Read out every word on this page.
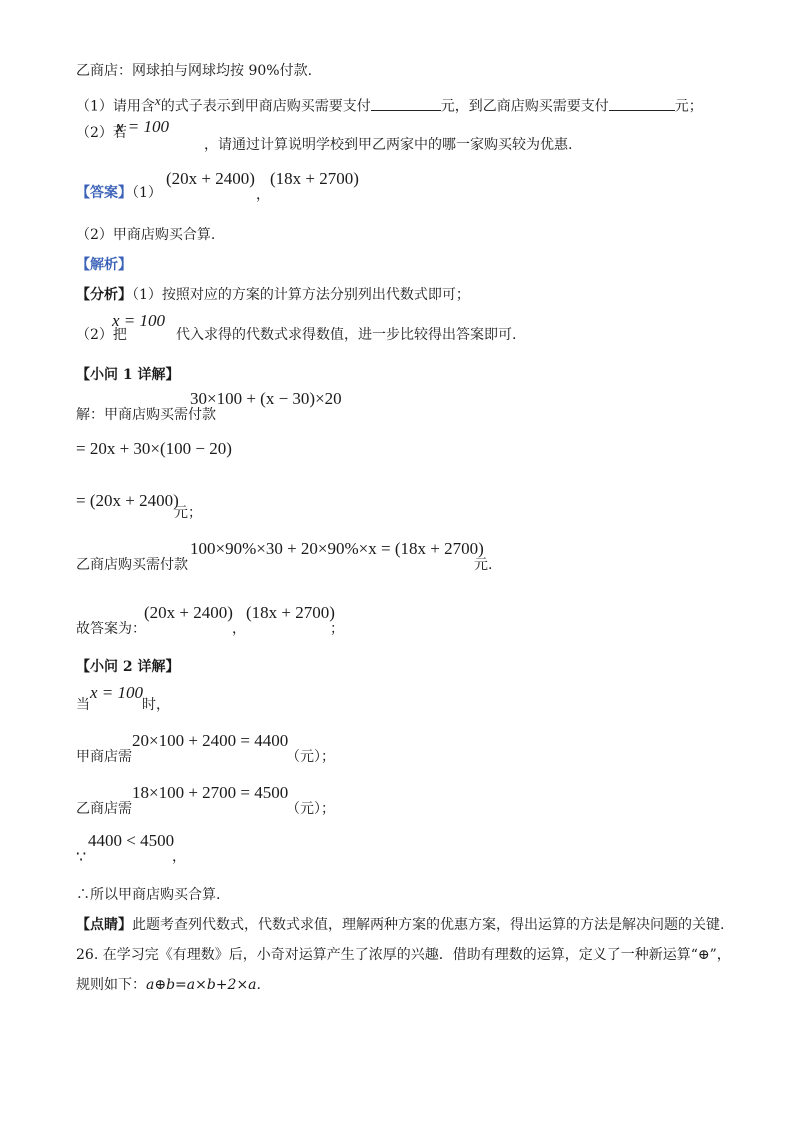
乙商店：网球拍与网球均按 90%付款.
（1）请用含$^x$的式子表示到甲商店购买需要支付	元，到乙商店购买需要支付	元；
（2）若
x = 100
，请通过计算说明学校到甲乙两家中的哪一家购买较为优惠.
【答案】（1）
(20x + 2400)
，
(18x + 2700)
（2）甲商店购买合算.
【解析】
【分析】（1）按照对应的方案的计算方法分别列出代数式即可；
（2）把
x = 100
代入求得的代数式求得数值，进一步比较得出答案即可.
【小问 1 详解】
解：甲商店购买需付款
30×100 + (x − 30)×20
= 20x + 30×(100 − 20)
= (20x + 2400)
元；
乙商店购买需付款
100×90%×30 + 20×90%×x = (18x + 2700)
元.
故答案为：
(20x + 2400)
，
(18x + 2700)
；
【小问 2 详解】
当
x = 100
时，
甲商店需
20×100 + 2400 = 4400
（元）；
乙商店需
18×100 + 2700 = 4500
（元）；
∵
4400 < 4500
，
∴所以甲商店购买合算.
【点睛】此题考查列代数式，代数式求值，理解两种方案的优惠方案，得出运算的方法是解决问题的关键.
26. 在学习完《有理数》后，小奇对运算产生了浓厚的兴趣．借助有理数的运算，定义了一种新运算“⊕”，
规则如下：a⊕b=a×b+2×a.
